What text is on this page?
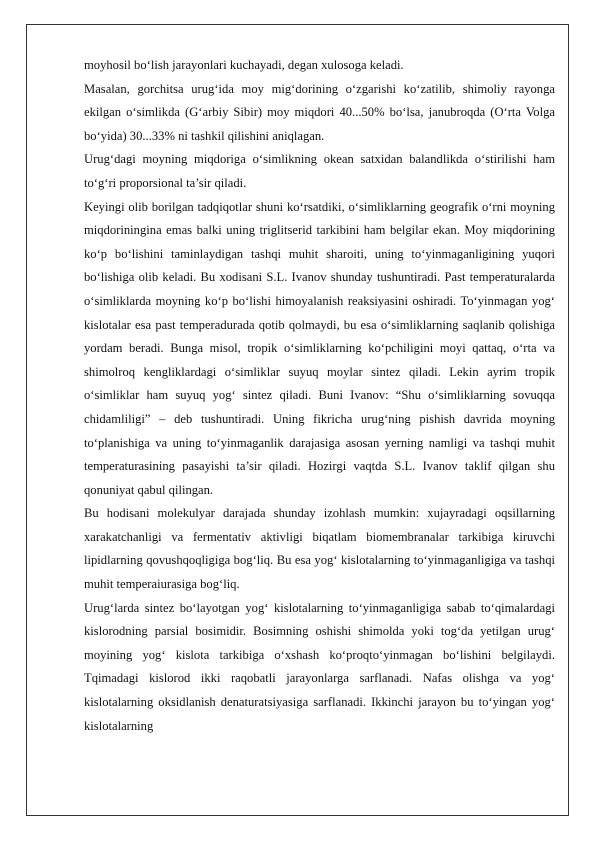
moyhosil bo‘lish jarayonlari kuchayadi, degan xulosoga keladi.

Masalan, gorchitsa urug‘ida moy mig‘dorining o‘zgarishi ko‘zatilib, shimoliy rayonga ekilgan o‘simlikda (G‘arbiy Sibir) moy miqdori 40...50% bo‘lsa, janubroqda (O‘rta Volga bo‘yida) 30...33% ni tashkil qilishini aniqlagan.

Urug‘dagi moyning miqdoriga o‘simlikning okean satxidan balandlikda o‘stirilishi ham to‘g‘ri proporsional ta’sir qiladi.

Keyingi olib borilgan tadqiqotlar shuni ko‘rsatdiki, o‘simliklarning geografik o‘rni moyning miqdoriningina emas balki uning triglitserid tarkibini ham belgilar ekan. Moy miqdorining ko‘p bo‘lishini taminlaydigan tashqi muhit sharoiti, uning to‘yinmaganligining yuqori bo‘lishiga olib keladi. Bu xodisani S.L. Ivanov shunday tushuntiradi. Past temperaturalarda o‘simliklarda moyning ko‘p bo‘lishi himoyalanish reaksiyasini oshiradi. To‘yinmagan yog‘ kislotalar esa past temperadurada qotib qolmaydi, bu esa o‘simliklarning saqlanib qolishiga yordam beradi. Bunga misol, tropik o‘simliklarning ko‘pchiligini moyi qattaq, o‘rta va shimolroq kengliklardagi o‘simliklar suyuq moylar sintez qiladi. Lekin ayrim tropik o‘simliklar ham suyuq yog‘ sintez qiladi. Buni Ivanov: “Shu o‘simliklarning sovuqqa chidamliligi” – deb tushuntiradi. Uning fikricha urug‘ning pishish davrida moyning to‘planishiga va uning to‘yinmaganlik darajasiga asosan yerning namligi va tashqi muhit temperaturasining pasayishi ta’sir qiladi. Hozirgi vaqtda S.L. Ivanov taklif qilgan shu qonuniyat qabul qilingan.

Bu hodisani molekulyar darajada shunday izohlash mumkin: xujayradagi oqsillarning xarakatchanligi va fermentativ aktivligi biqatlam biomembranalar tarkibiga kiruvchi lipidlarning qovushqoqligiga bog‘liq. Bu esa yog‘ kislotalarning to‘yinmaganligiga va tashqi muhit temperaiurasiga bog‘liq.

Urug‘larda sintez bo‘layotgan yog‘ kislotalarning to‘yinmaganligiga sabab to‘qimalardagi kislorodning parsial bosimidir. Bosimning oshishi shimolda yoki tog‘da yetilgan urug‘ moyining yog‘ kislota tarkibiga o‘xshash ko‘proqto‘yinmagan bo‘lishini belgilaydi. Tqimadagi kislorod ikki raqobatli jarayonlarga sarflanadi. Nafas olishga va yog‘ kislotalarning oksidlanish denaturatsiyasiga sarflanadi. Ikkinchi jarayon bu to‘yingan yog‘ kislotalarning
